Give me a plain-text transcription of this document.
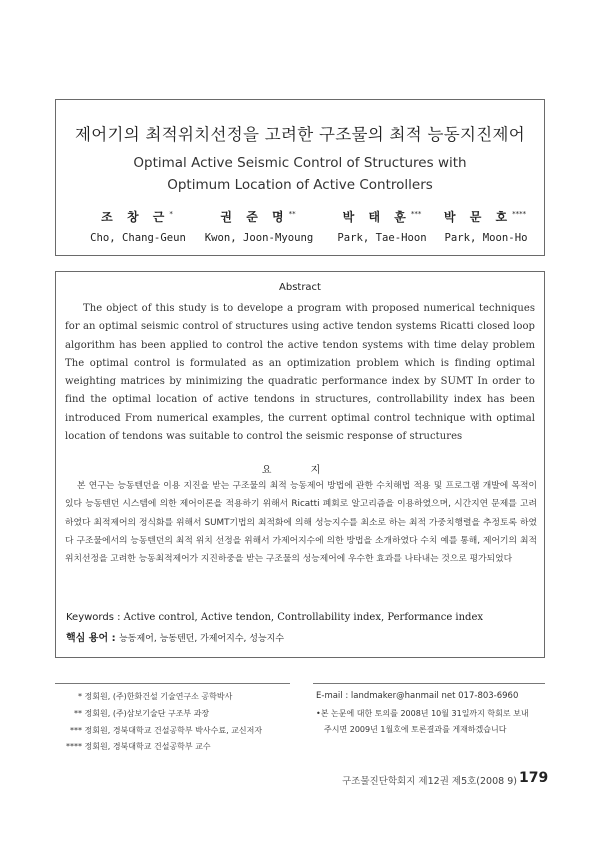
제어기의 최적위치선정을 고려한 구조물의 최적 능동지진제어
Optimal Active Seismic Control of Structures with
Optimum Location of Active Controllers
조 창 근*	권 준 명**	박 태 훈***	박 문 호****
Cho, Chang-Geun	Kwon, Joon-Myoung	Park, Tae-Hoon	Park, Moon-Ho
Abstract
The object of this study is to develope a program with proposed numerical techniques for an optimal seismic control of structures using active tendon systems Ricatti closed loop algorithm has been applied to control the active tendon systems with time delay problem The optimal control is formulated as an optimization problem which is finding optimal weighting matrices by minimizing the quadratic performance index by SUMT In order to find the optimal location of active tendons in structures, controllability index has been introduced From numerical examples, the current optimal control technique with optimal location of tendons was suitable to control the seismic response of structures
요 지
본 연구는 능동텐던을 이용 지진을 받는 구조물의 최적 능동제어 방법에 관한 수치해법 적용 및 프로그램 개발에 목적이 있다 능동텐던 시스템에 의한 제어이론을 적용하기 위해서 Ricatti 폐회로 알고리즘을 이용하였으며, 시간지연 문제를 고려하였다 최적제어의 정식화를 위해서 SUMT기법의 최적화에 의해 성능지수를 최소로 하는 최적 가중치행렬을 추정토록 하였다 구조물에서의 능동텐던의 최적 위치 선정을 위해서 가제어지수에 의한 방법을 소개하였다 수치 예를 통해, 제어기의 최적 위치선정을 고려한 능동최적제어가 지진하중을 받는 구조물의 성능제어에 우수한 효과를 나타내는 것으로 평가되었다
Keywords : Active control, Active tendon, Controllability index, Performance index
핵심 용어 : 능동제어, 능동텐던, 가제어지수, 성능지수
* 정회원, (주)한화건설 기술연구소 공학박사
** 정회원, (주)삼보기술단 구조부 과장
*** 정회원, 경북대학교 건설공학부 박사수료, 교신저자
**** 정회원, 경북대학교 건설공학부 교수
E-mail : landmaker@hanmail net 017-803-6960
•본 논문에 대한 토의를 2008년 10월 31일까지 학회로 보내
주시면 2009년 1월호에 토론결과를 게재하겠습니다
구조물진단학회지 제12권 제5호(2008 9) 179
